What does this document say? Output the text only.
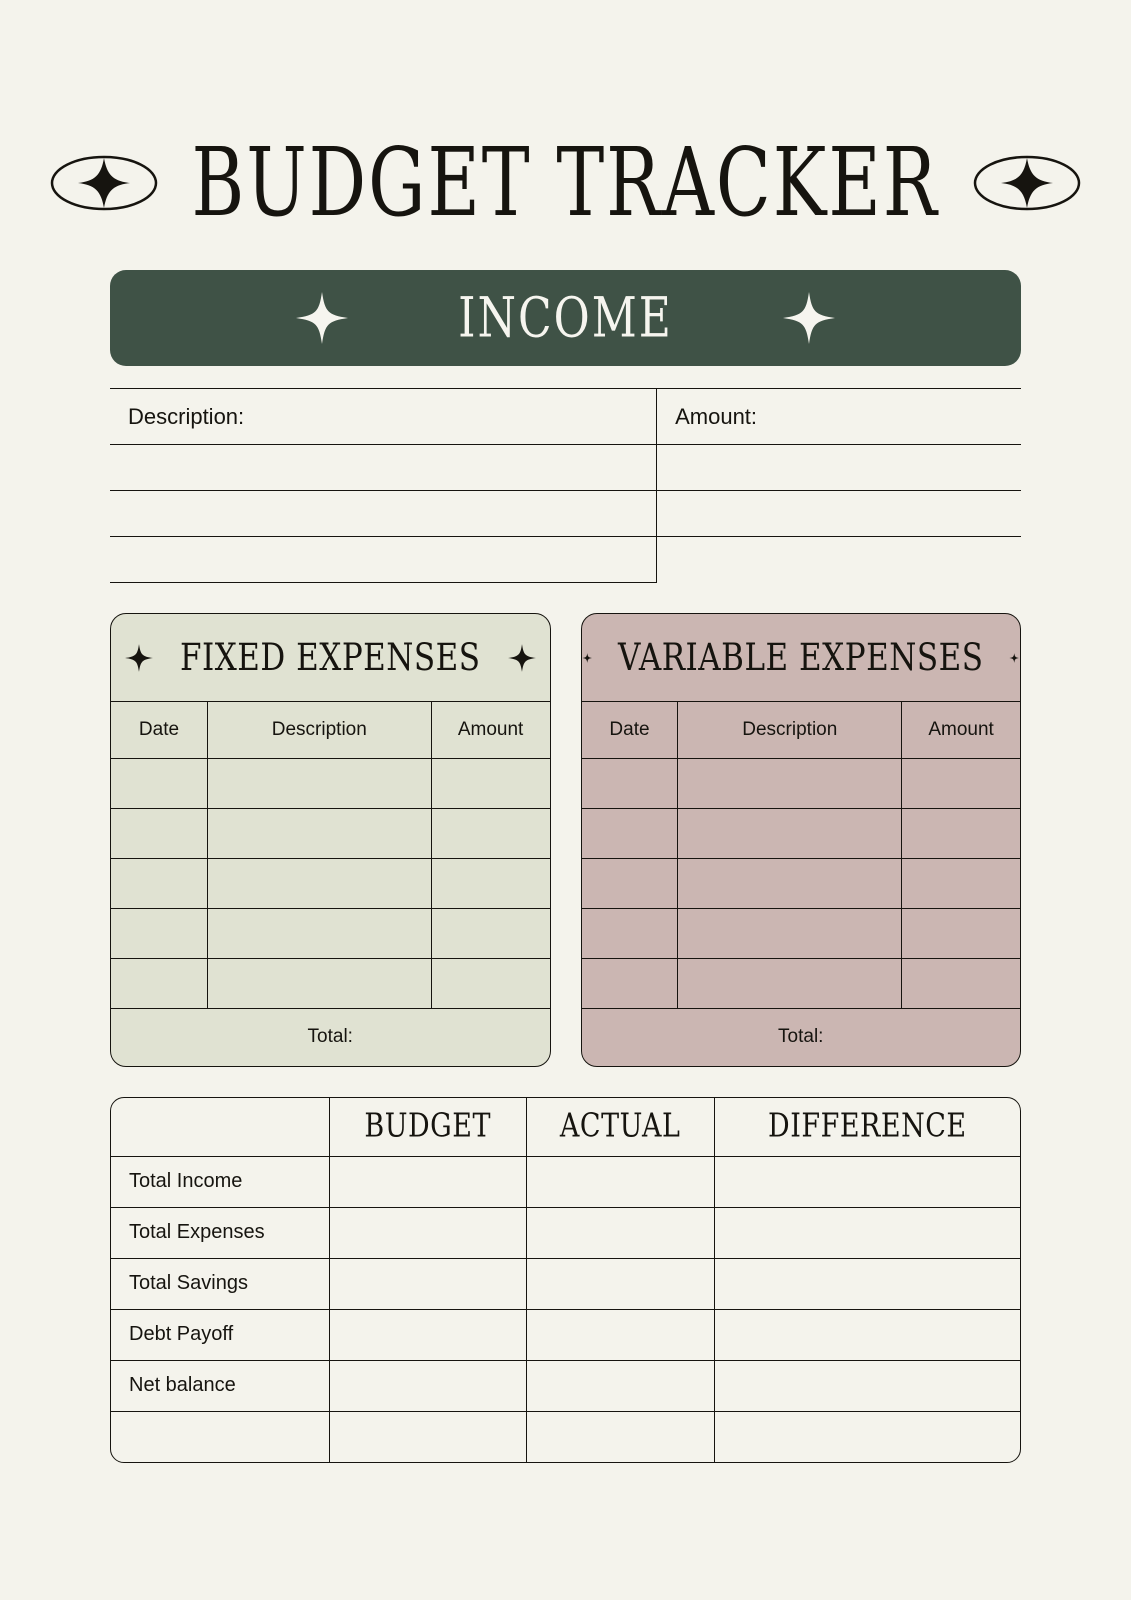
BUDGET TRACKER
INCOME
Description:	Amount:

FIXED EXPENSES
Date	Description	Amount

Total:		
VARIABLE EXPENSES
Date	Description	Amount

Total:		
	BUDGET	ACTUAL	DIFFERENCE
Total Income			
Total Expenses			
Total Savings			
Debt Payoff			
Net balance			
